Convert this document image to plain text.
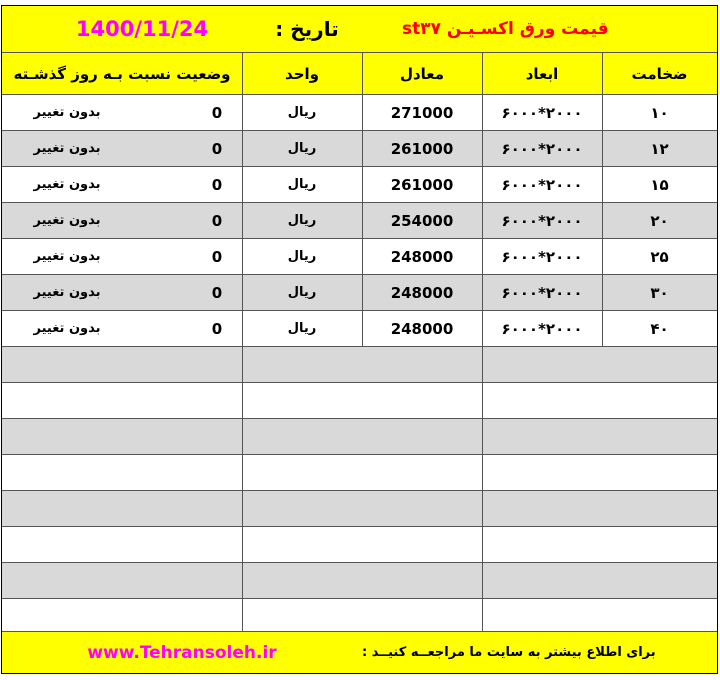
1400/11/24	تاریخ :	قیمت ورق اکسـیـن st۳۷
وضعیت نسبت بـه روز گذشـته	واحد	معادل	ابعاد	ضخامت
بدون تغییر	0	ریال	271000	۶۰۰۰*۲۰۰۰	۱۰
بدون تغییر	0	ریال	261000	۶۰۰۰*۲۰۰۰	۱۲
بدون تغییر	0	ریال	261000	۶۰۰۰*۲۰۰۰	۱۵
بدون تغییر	0	ریال	254000	۶۰۰۰*۲۰۰۰	۲۰
بدون تغییر	0	ریال	248000	۶۰۰۰*۲۰۰۰	۲۵
بدون تغییر	0	ریال	248000	۶۰۰۰*۲۰۰۰	۳۰
بدون تغییر	0	ریال	248000	۶۰۰۰*۲۰۰۰	۴۰
www.Tehransoleh.ir	برای اطلاع بیشتر به سایت ما مراجعــه کنیــد :
